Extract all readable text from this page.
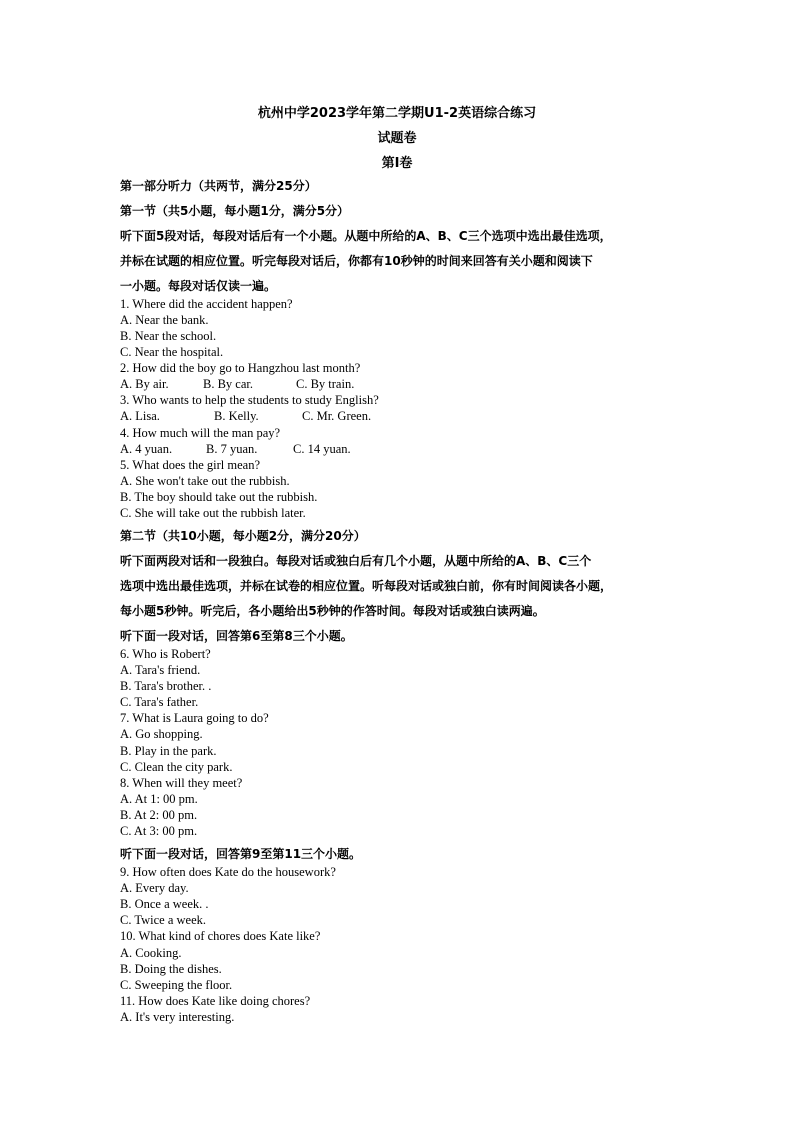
杭州中学2023学年第二学期U1-2英语综合练习
试题卷
第Ⅰ卷
第一部分听力（共两节，满分25分）
第一节（共5小题，每小题1分，满分5分）
听下面5段对话，每段对话后有一个小题。从题中所给的A、B、C三个选项中选出最佳选项，
并标在试题的相应位置。听完每段对话后，你都有10秒钟的时间来回答有关小题和阅读下
一小题。每段对话仅读一遍。
1. Where did the accident happen?
A. Near the bank.
B. Near the school.
C. Near the hospital.
2. How did the boy go to Hangzhou last month?
A. By air.	B. By car.	C. By train.
3. Who wants to help the students to study English?
A. Lisa.	B. Kelly.	C. Mr. Green.
4. How much will the man pay?
A. 4 yuan.	B. 7 yuan.	C. 14 yuan.
5. What does the girl mean?
A. She won't take out the rubbish.
B. The boy should take out the rubbish.
C. She will take out the rubbish later.
第二节（共10小题，每小题2分，满分20分）
听下面两段对话和一段独白。每段对话或独白后有几个小题，从题中所给的A、B、C三个
选项中选出最佳选项，并标在试卷的相应位置。听每段对话或独白前，你有时间阅读各小题，
每小题5秒钟。听完后，各小题给出5秒钟的作答时间。每段对话或独白读两遍。
听下面一段对话，回答第6至第8三个小题。
6. Who is Robert?
A. Tara's friend.
B. Tara's brother. .
C. Tara's father.
7. What is Laura going to do?
A. Go shopping.
B. Play in the park.
C. Clean the city park.
8. When will they meet?
A. At 1: 00 pm.
B. At 2: 00 pm.
C. At 3: 00 pm.
听下面一段对话，回答第9至第11三个小题。
9. How often does Kate do the housework?
A. Every day.
B. Once a week. .
C. Twice a week.
10. What kind of chores does Kate like?
A. Cooking.
B. Doing the dishes.
C. Sweeping the floor.
11. How does Kate like doing chores?
A. It's very interesting.
